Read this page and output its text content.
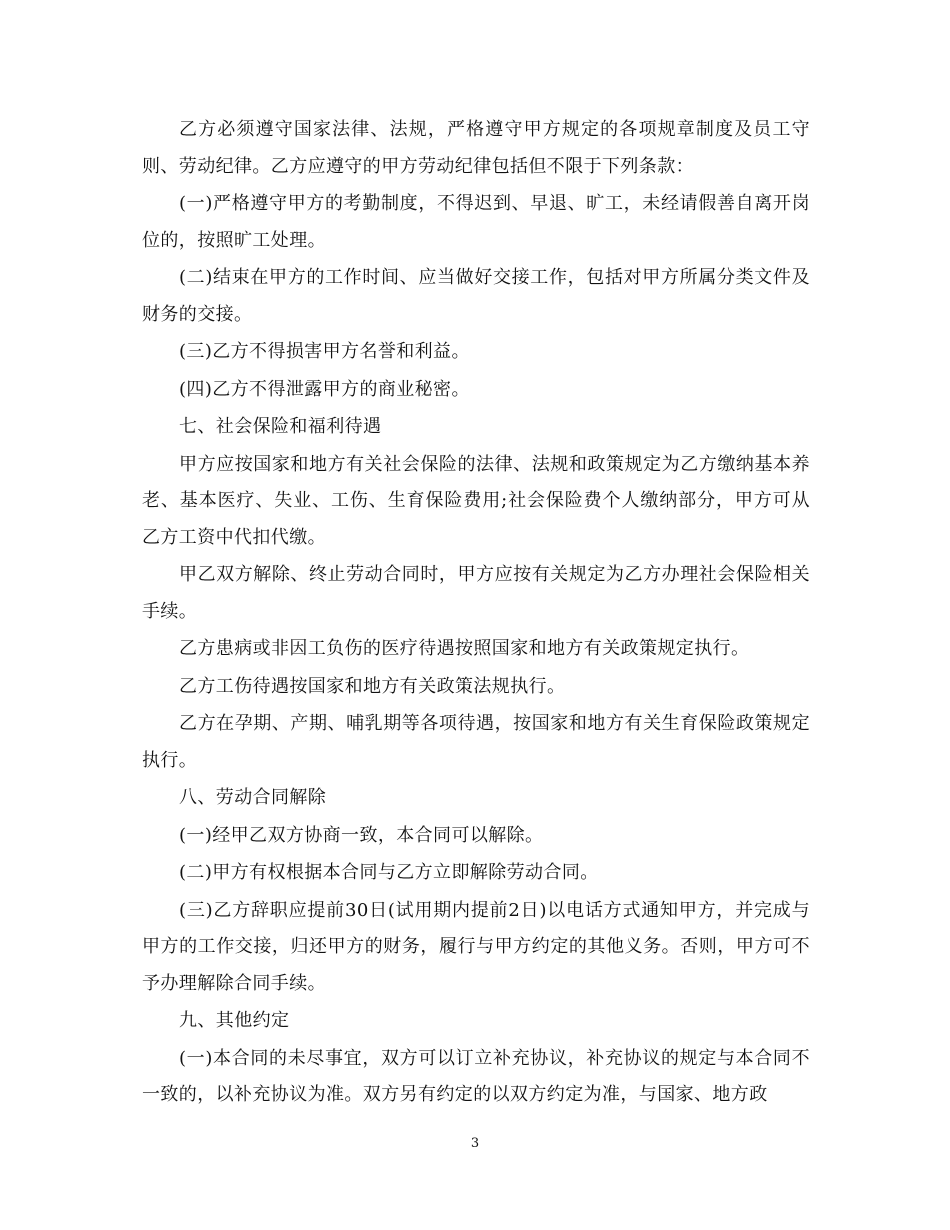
乙方必须遵守国家法律、法规，严格遵守甲方规定的各项规章制度及员工守则、劳动纪律。乙方应遵守的甲方劳动纪律包括但不限于下列条款：

(一)严格遵守甲方的考勤制度，不得迟到、早退、旷工，未经请假善自离开岗位的，按照旷工处理。

(二)结束在甲方的工作时间、应当做好交接工作，包括对甲方所属分类文件及财务的交接。

(三)乙方不得损害甲方名誉和利益。

(四)乙方不得泄露甲方的商业秘密。

七、社会保险和福利待遇

甲方应按国家和地方有关社会保险的法律、法规和政策规定为乙方缴纳基本养老、基本医疗、失业、工伤、生育保险费用;社会保险费个人缴纳部分，甲方可从乙方工资中代扣代缴。

甲乙双方解除、终止劳动合同时，甲方应按有关规定为乙方办理社会保险相关手续。

乙方患病或非因工负伤的医疗待遇按照国家和地方有关政策规定执行。

乙方工伤待遇按国家和地方有关政策法规执行。

乙方在孕期、产期、哺乳期等各项待遇，按国家和地方有关生育保险政策规定执行。

八、劳动合同解除

(一)经甲乙双方协商一致，本合同可以解除。

(二)甲方有权根据本合同与乙方立即解除劳动合同。

(三)乙方辞职应提前30日(试用期内提前2日)以电话方式通知甲方，并完成与甲方的工作交接，归还甲方的财务，履行与甲方约定的其他义务。否则，甲方可不予办理解除合同手续。

九、其他约定

(一)本合同的未尽事宜，双方可以订立补充协议，补充协议的规定与本合同不一致的，以补充协议为准。双方另有约定的以双方约定为准，与国家、地方政

3
